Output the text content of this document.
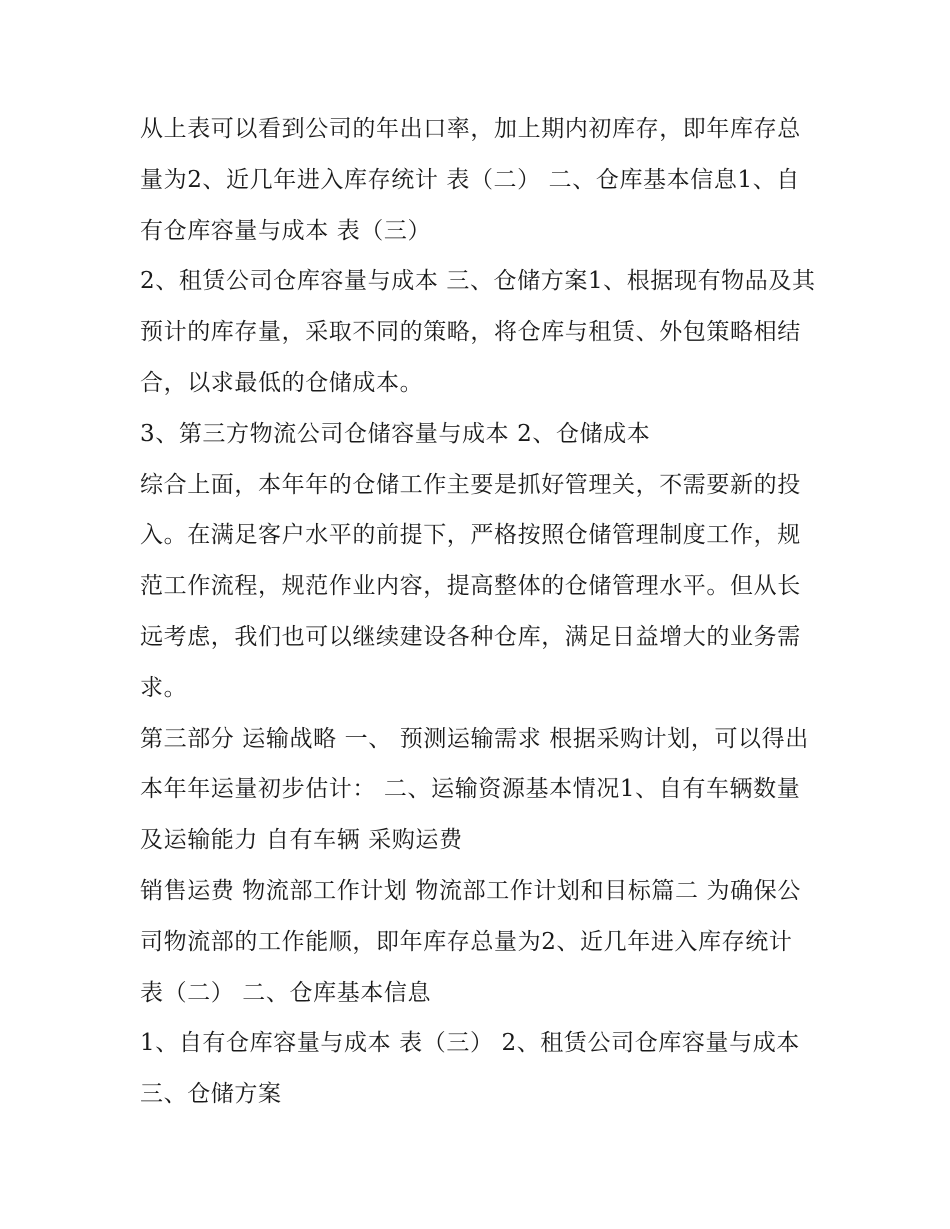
从上表可以看到公司的年出口率，加上期内初库存，即年库存总量为2、近几年进入库存统计 表（二） 二、仓库基本信息1、自有仓库容量与成本 表（三）

2、租赁公司仓库容量与成本 三、仓储方案1、根据现有物品及其预计的库存量，采取不同的策略，将仓库与租赁、外包策略相结合，以求最低的仓储成本。

3、第三方物流公司仓储容量与成本 2、仓储成本

综合上面，本年年的仓储工作主要是抓好管理关，不需要新的投入。在满足客户水平的前提下，严格按照仓储管理制度工作，规范工作流程，规范作业内容，提高整体的仓储管理水平。但从长远考虑，我们也可以继续建设各种仓库，满足日益增大的业务需求。

第三部分 运输战略 一、 预测运输需求 根据采购计划，可以得出本年年运量初步估计： 二、运输资源基本情况1、自有车辆数量及运输能力 自有车辆 采购运费

销售运费 物流部工作计划 物流部工作计划和目标篇二 为确保公司物流部的工作能顺，即年库存总量为2、近几年进入库存统计 表（二） 二、仓库基本信息

1、自有仓库容量与成本 表（三） 2、租赁公司仓库容量与成本 三、仓储方案
